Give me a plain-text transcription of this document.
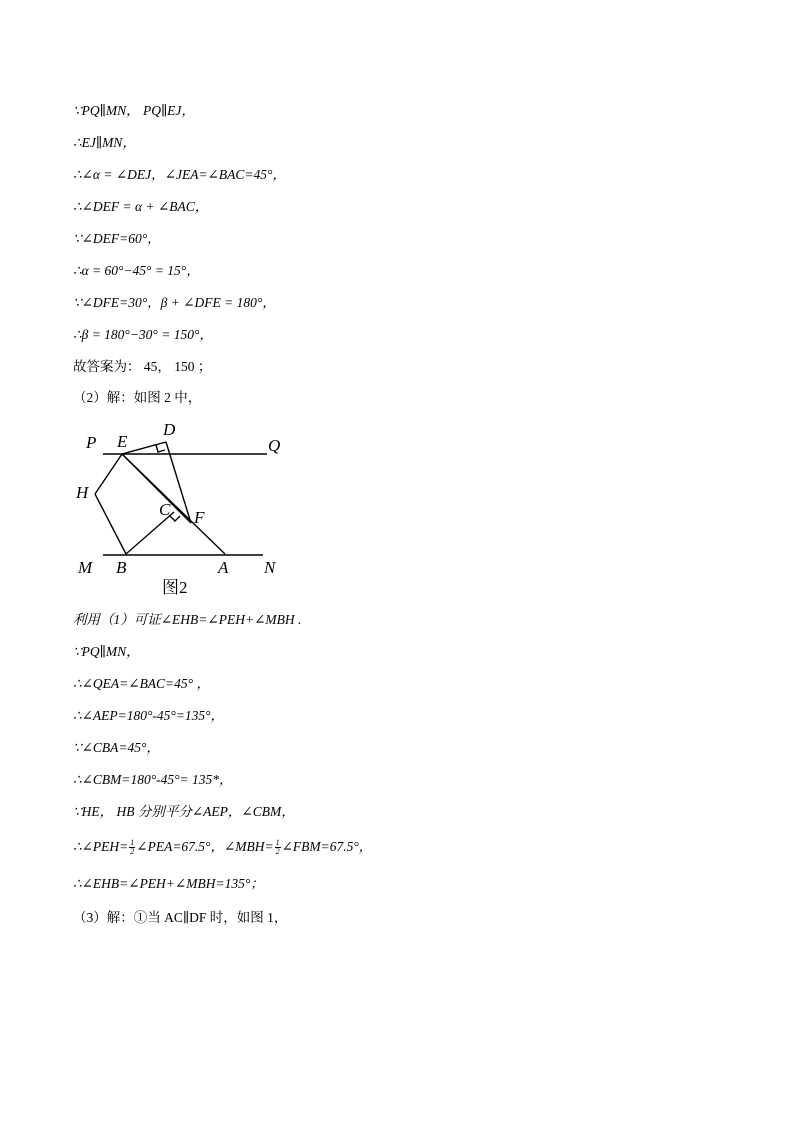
∵PQ∥MN， PQ∥EJ，
∴EJ∥MN，
∴∠α = ∠DEJ，∠JEA=∠BAC=45°，
∴∠DEF = α + ∠BAC，
∵∠DEF=60°，
∴α = 60°−45° = 15°，
∵∠DFE=30°，β + ∠DFE = 180°，
∴β = 180°−30° = 150°，
故答案为： 45， 150 ；
（2）解：如图 2 中，
P E
D
Q
H
C F
M B	A N
图2
利用（1）可证∠EHB=∠PEH+∠MBH .
∵PQ∥MN，
∴∠QEA=∠BAC=45° ，
∴∠AEP=180°-45°=135°，
∵∠CBA=45°，
∴∠CBM=180°-45°= 135*，
∵HE， HB 分别平分∠AEP，∠CBM，
∴∠PEH= $\frac{1}{2}$ ∠PEA=67.5°，∠MBH= $\frac{1}{2}$ ∠FBM=67.5°，
∴∠EHB=∠PEH+∠MBH=135°；
（3）解：①当 AC∥DF 时，如图 1，
